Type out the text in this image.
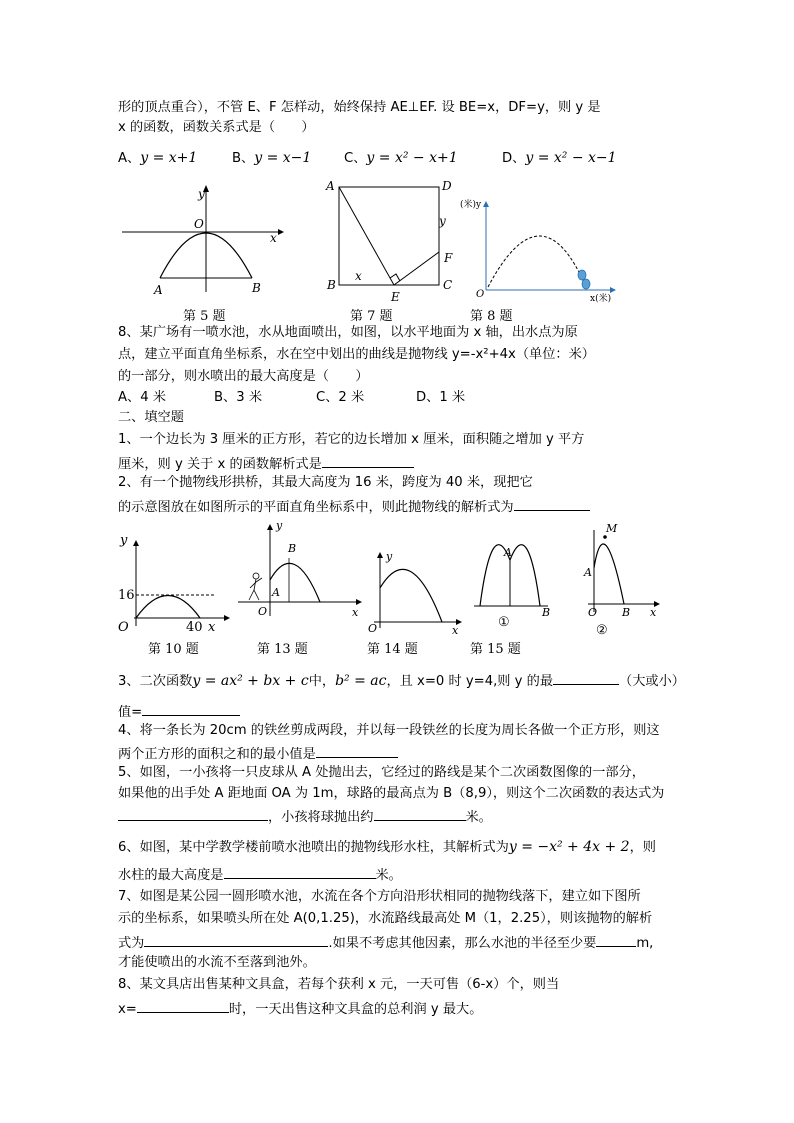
形的顶点重合），不管 E、F 怎样动，始终保持 AE⊥EF. 设 BE=x，DF=y，则 y 是
x 的函数，函数关系式是（　　）
A、y = x+1	B、y = x−1 C、y = x² − x+1	D、y = x² − x−1
y
x
O
A	B
第 5 题
A	D
y
F
x
B
E
C
第 7 题
(米)y
x(米)
O
第 8 题
8、某广场有一喷水池，水从地面喷出，如图，以水平地面为 x 轴，出水点为原
点，建立平面直角坐标系，水在空中划出的曲线是抛物线 y=-x²+4x（单位：米）
的一部分，则水喷出的最大高度是（　　）
A、4 米	B、3 米	C、2 米	D、1 米
二、填空题
1、一个边长为 3 厘米的正方形，若它的边长增加 x 厘米，面积随之增加 y 平方
厘米，则 y 关于 x 的函数解析式是
2、有一个抛物线形拱桥，其最大高度为 16 米，跨度为 40 米，现把它
的示意图放在如图所示的平面直角坐标系中，则此抛物线的解析式为
y
16
O	40 x
第 10 题
y
x
O
A
B
第 13 题
y
x
O
第 14 题
A
B
①
第 15 题
M
A
O B x
②
3、二次函数y = ax² + bx + c中，b² = ac，且 x=0 时 y=4,则 y 的最	（大或小）
值=
4、将一条长为 20cm 的铁丝剪成两段，并以每一段铁丝的长度为周长各做一个正方形，则这
两个正方形的面积之和的最小值是
5、如图，一小孩将一只皮球从 A 处抛出去，它经过的路线是某个二次函数图像的一部分，
如果他的出手处 A 距地面 OA 为 1m，球路的最高点为 B（8,9），则这个二次函数的表达式为
，小孩将球抛出约	米。
6、如图，某中学教学楼前喷水池喷出的抛物线形水柱，其解析式为y = −x² + 4x + 2，则
水柱的最大高度是	米。
7、如图是某公园一圆形喷水池，水流在各个方向沿形状相同的抛物线落下，建立如下图所
示的坐标系，如果喷头所在处 A(0,1.25)，水流路线最高处 M（1，2.25），则该抛物的解析
式为	.如果不考虑其他因素，那么水池的半径至少要	m,
才能使喷出的水流不至落到池外。
8、某文具店出售某种文具盒，若每个获利 x 元，一天可售（6-x）个，则当
x=	时，一天出售这种文具盒的总利润 y 最大。
